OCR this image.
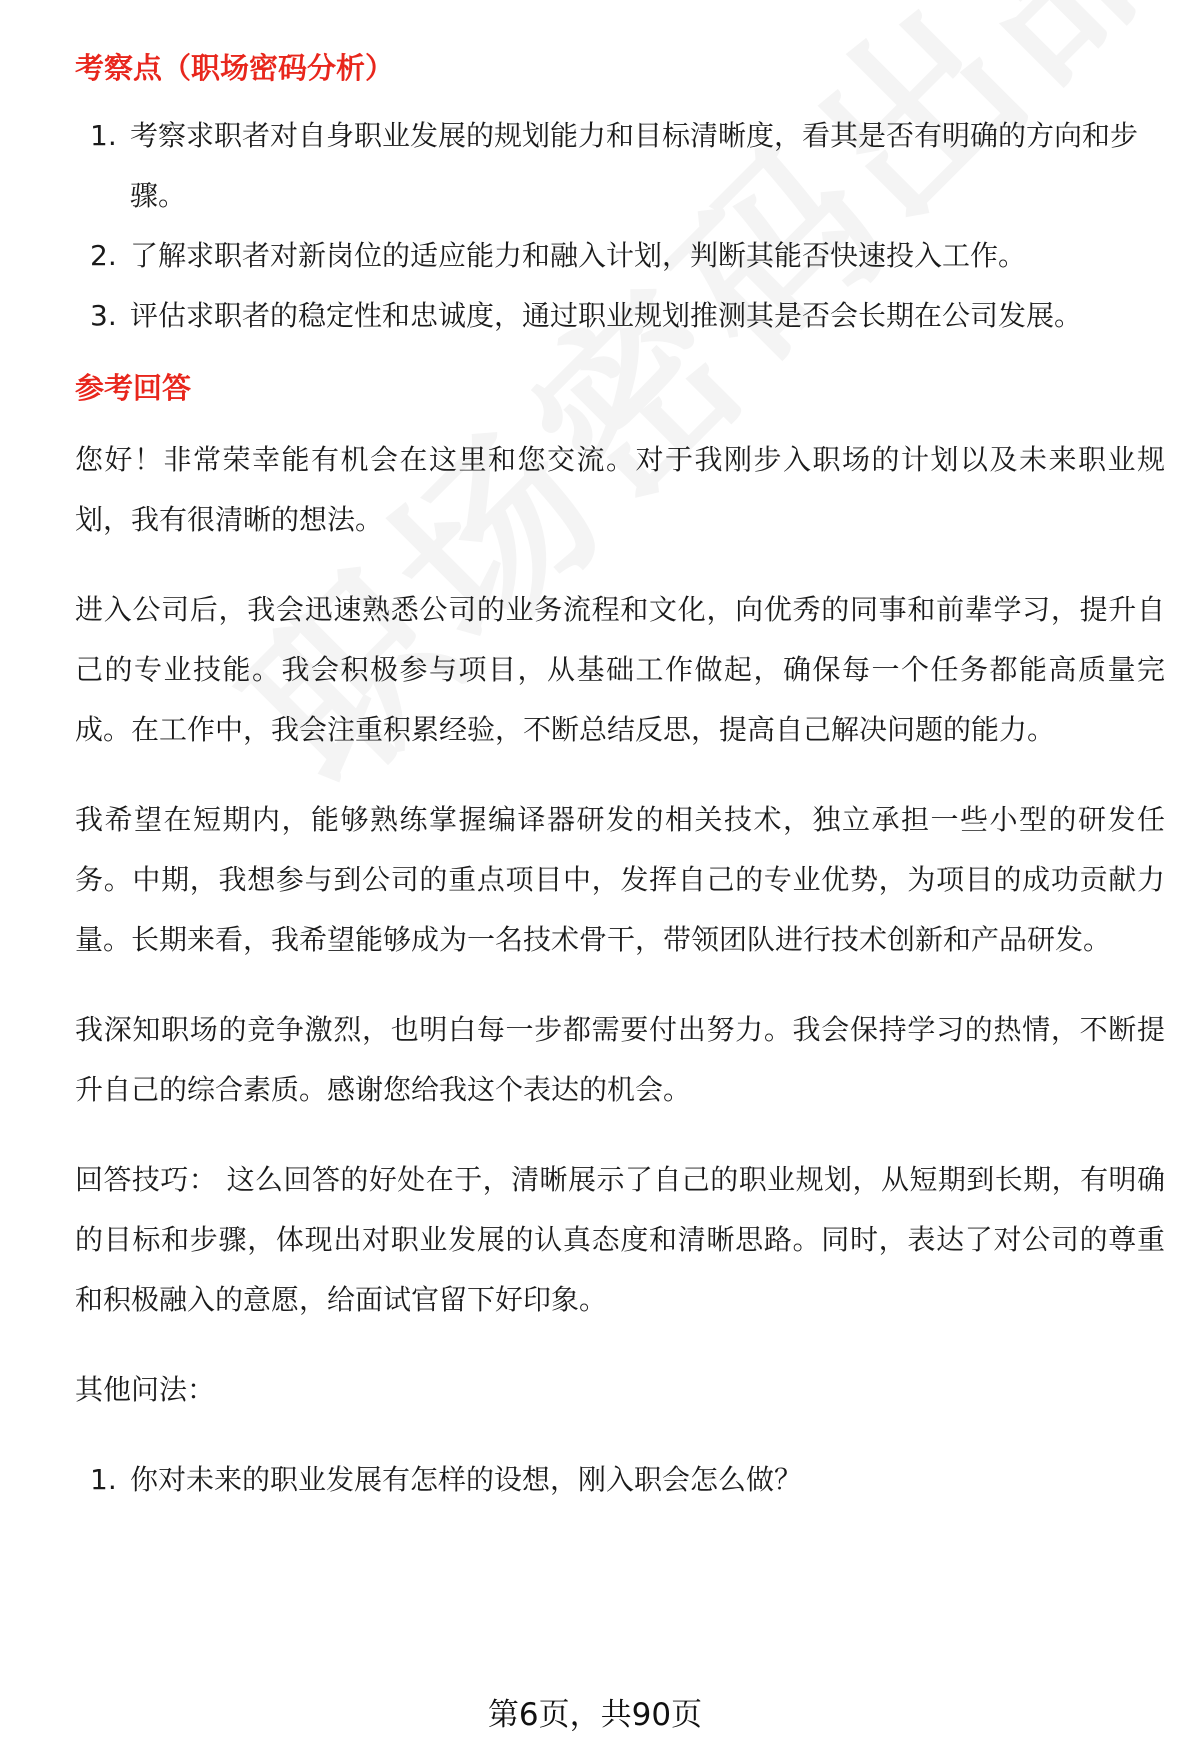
考察点（职场密码分析）
1. 考察求职者对自身职业发展的规划能力和目标清晰度，看其是否有明确的方向和步骤。
2. 了解求职者对新岗位的适应能力和融入计划，判断其能否快速投入工作。
3. 评估求职者的稳定性和忠诚度，通过职业规划推测其是否会长期在公司发展。
参考回答

您好！非常荣幸能有机会在这里和您交流。对于我刚步入职场的计划以及未来职业规划，我有很清晰的想法。

进入公司后，我会迅速熟悉公司的业务流程和文化，向优秀的同事和前辈学习，提升自己的专业技能。我会积极参与项目，从基础工作做起，确保每一个任务都能高质量完成。在工作中，我会注重积累经验，不断总结反思，提高自己解决问题的能力。

我希望在短期内，能够熟练掌握编译器研发的相关技术，独立承担一些小型的研发任务。中期，我想参与到公司的重点项目中，发挥自己的专业优势，为项目的成功贡献力量。长期来看，我希望能够成为一名技术骨干，带领团队进行技术创新和产品研发。

我深知职场的竞争激烈，也明白每一步都需要付出努力。我会保持学习的热情，不断提升自己的综合素质。感谢您给我这个表达的机会。

回答技巧： 这么回答的好处在于，清晰展示了自己的职业规划，从短期到长期，有明确的目标和步骤，体现出对职业发展的认真态度和清晰思路。同时，表达了对公司的尊重和积极融入的意愿，给面试官留下好印象。

其他问法：

1. 你对未来的职业发展有怎样的设想，刚入职会怎么做？
第6页，共90页
